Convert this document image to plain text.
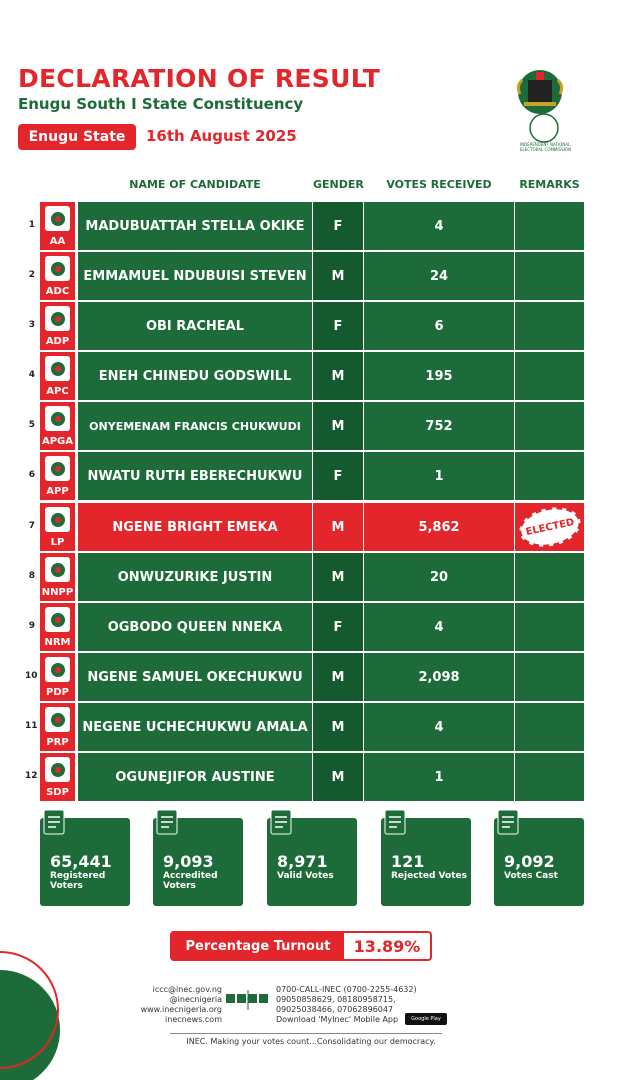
DECLARATION OF RESULT
Enugu South I State Constituency
Enugu State	16th August 2025	INDEPENDENT NATIONAL ELECTORAL COMMISSION
NAME OF CANDIDATE	GENDER	VOTES RECEIVED	REMARKS
1
AA
MADUBUATTAH STELLA OKIKE	F	4
2
ADC
EMMAMUEL NDUBUISI STEVEN	M	24
3
ADP
OBI RACHEAL	F	6
4
APC
ENEH CHINEDU GODSWILL	M	195
5
APGA
ONYEMENAM FRANCIS CHUKWUDI	M	752
6
APP
NWATU RUTH EBERECHUKWU	F	1
7
LP
NGENE BRIGHT EMEKA	M	5,862	ELECTED
8
NNPP
ONWUZURIKE JUSTIN	M	20
9
NRM
OGBODO QUEEN NNEKA	F	4
10
PDP
NGENE SAMUEL OKECHUKWU	M	2,098
11
PRP
NEGENE UCHECHUKWU AMALA	M	4
12
SDP
OGUNEJIFOR AUSTINE	M	1
65,441
Registered Voters
9,093
Accredited Voters
8,971
Valid Votes
121
Rejected Votes
9,092
Votes Cast
Percentage Turnout	13.89%
iccc@inec.gov.ng
@inecnigeria
www.inecnigeria.org
inecnews.com
0700-CALL-INEC (0700-2255-4632)
09050858629, 08180958715,
09025038466, 07062896047
Download 'MyInec' Mobile App	Google Play
INEC. Making your votes count...Consolidating our democracy.
